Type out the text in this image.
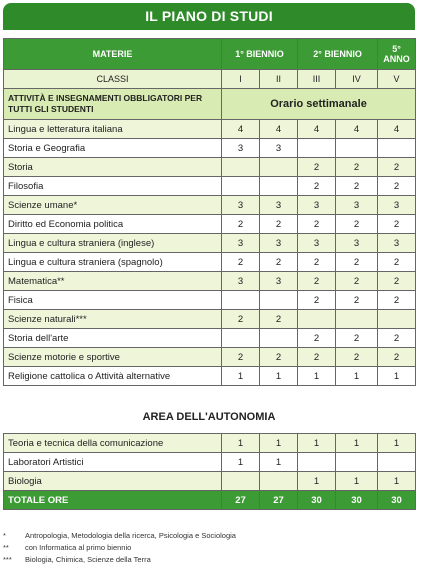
IL PIANO DI STUDI
MATERIE	1° BIENNIO		2° BIENNIO		5° ANNO
CLASSI	I	II	III	IV	V
ATTIVITÀ E INSEGNAMENTI OBBLIGATORI PER TUTTI GLI STUDENTI	Orario settimanale				
Lingua e letteratura italiana	4	4	4	4	4
Storia e Geografia	3	3			
Storia			2	2	2
Filosofia			2	2	2
Scienze umane*	3	3	3	3	3
Diritto ed Economia politica	2	2	2	2	2
Lingua e cultura straniera (inglese)	3	3	3	3	3
Lingua e cultura straniera (spagnolo)	2	2	2	2	2
Matematica**	3	3	2	2	2
Fisica			2	2	2
Scienze naturali***	2	2			
Storia dell'arte			2	2	2
Scienze motorie e sportive	2	2	2	2	2
Religione cattolica o Attività alternative	1	1	1	1	1
AREA DELL'AUTONOMIA
Teoria e tecnica della comunicazione	1	1	1	1	1
Laboratori Artistici	1	1			
Biologia			1	1	1
TOTALE ORE	27	27	30	30	30
*	Antropologia, Metodologia della ricerca, Psicologia e Sociologia
** con Informatica al primo biennio
*** Biologia, Chimica, Scienze della Terra
